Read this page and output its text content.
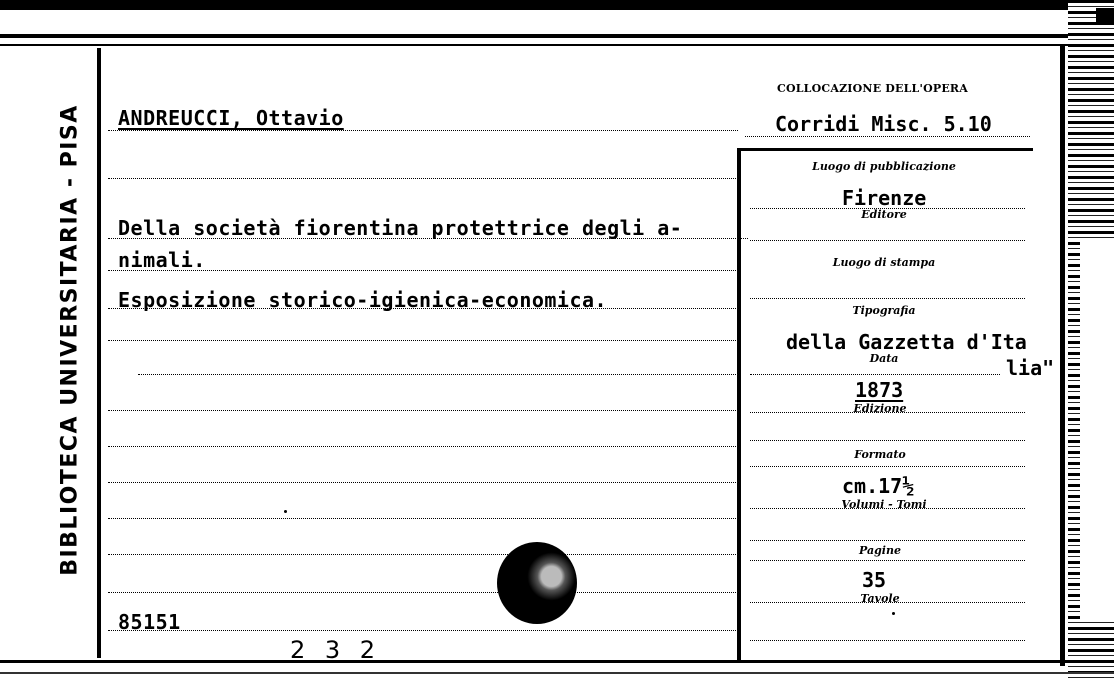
BIBLIOTECA UNIVERSITARIA - PISA
COLLOCAZIONE DELL'OPERA
Corridi Misc. 5.10
ANDREUCCI, Ottavio
Della società fiorentina protettrice degli a-
nimali.
Esposizione storico-igienica-economica.
85151
2 3 2
Luogo di pubblicazione
Firenze
Editore
Luogo di stampa
Tipografia
della Gazzetta d'Ita
Data	lia"
1873
Edizione
Formato
cm.17½
Volumi - Tomi
Pagine
35
Tavole
